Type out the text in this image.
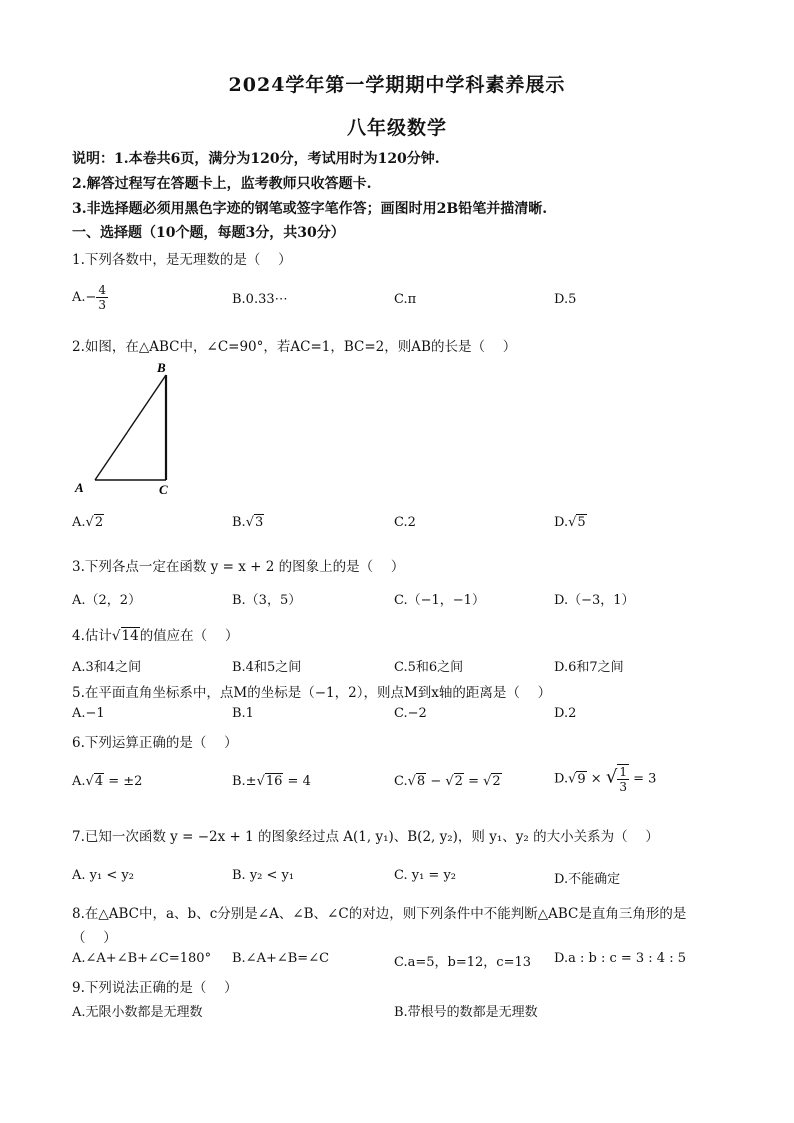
2024学年第一学期期中学科素养展示
八年级数学
说明：1.本卷共6页，满分为120分，考试用时为120分钟.
2.解答过程写在答题卡上，监考教师只收答题卡.
3.非选择题必须用黑色字迹的钢笔或签字笔作答；画图时用2B铅笔并描清晰.
一、选择题（10个题，每题3分，共30分）
1.下列各数中，是无理数的是（　 ）
$A.- \frac{4}{3}$	B.0.33⋯	C.π	D.5
2.如图，在△ABC中，∠C=90°，若AC=1，BC=2，则AB的长是（　 ）
B
A	C
A.√2	B.√3	C.2	D.√5
3.下列各点一定在函数 y = x + 2 的图象上的是（　 ）
A.（2，2）	B.（3，5）	C.（−1，−1）	D.（−3，1）
4.估计√14的值应在（　 ）
A.3和4之间	B.4和5之间	C.5和6之间	D.6和7之间
5.在平面直角坐标系中，点M的坐标是（−1，2），则点M到x轴的距离是（　 ）
A.−1	B.1	C.−2	D.2
6.下列运算正确的是（　 ）
A.√4 = ±2	B.±√16 = 4	C.√8 − √2 = √2	D.√9 × √ $\frac{1}{3} = 3$
7.已知一次函数 y = −2x + 1 的图象经过点 A(1, y₁)、B(2, y₂)，则 y₁、y₂ 的大小关系为（　 ）
A. y₁ < y₂	B. y₂ < y₁	C. y₁ = y₂	D.不能确定
8.在△ABC中，a、b、c分别是∠A、∠B、∠C的对边，则下列条件中不能判断△ABC是直角三角形的是
（　 ）
A.∠A+∠B+∠C=180° B.∠A+∠B=∠C	C.a=5，b=12，c=13 D.a : b : c = 3 : 4 : 5
9.下列说法正确的是（　 ）
A.无限小数都是无理数	B.带根号的数都是无理数
